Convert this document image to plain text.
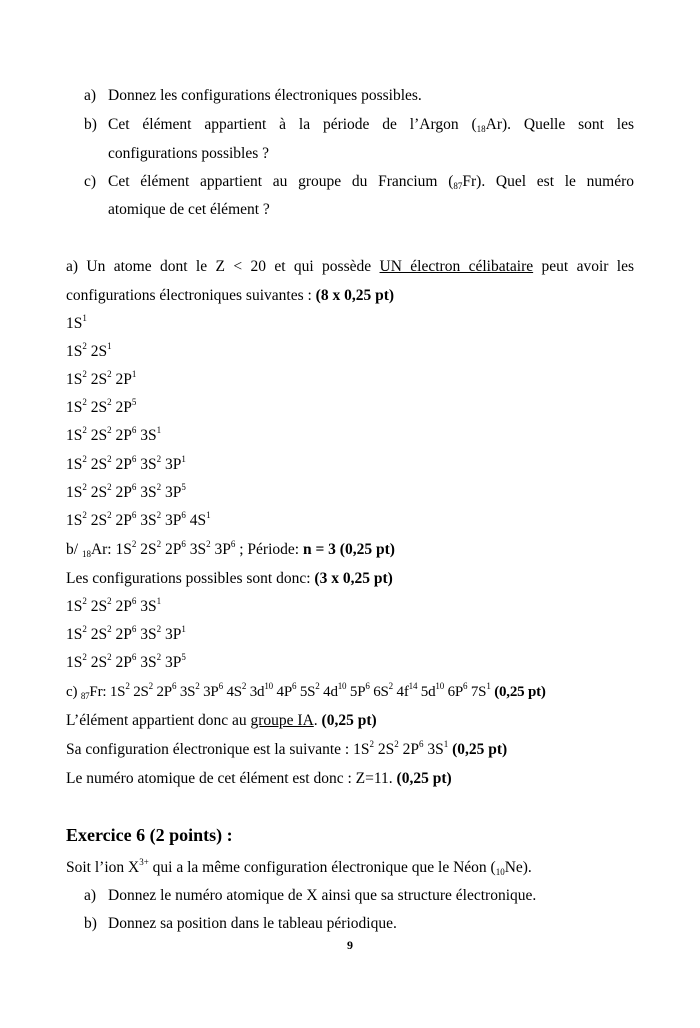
a) Donnez les configurations électroniques possibles.
b) Cet élément appartient à la période de l’Argon $(_{18}Ar)$. Quelle sont les
configurations possibles ?
c) Cet élément appartient au groupe du Francium $(_{87}Fr)$. Quel est le numéro
atomique de cet élément ?
a) Un atome dont le Z < 20 et qui possède UN électron célibataire peut avoir les
configurations électroniques suivantes : (8 x 0,25 pt)
$1S^1$
$1S^2$ $2S^1$
$1S^2$ $2S^2$ $2P^1$
$1S^2$ $2S^2$ $2P^5$
$1S^2$ $2S^2$ $2P^6$ $3S^1$
$1S^2$ $2S^2$ $2P^6$ $3S^2$ $3P^1$
$1S^2$ $2S^2$ $2P^6$ $3S^2$ $3P^5$
$1S^2$ $2S^2$ $2P^6$ $3S^2$ $3P^6$ $4S^1$
b/ $_{18}$Ar: $1S^2$ $2S^2$ $2P^6$ $3S^2$ $3P^6$ ; Période: n = 3 (0,25 pt)
Les configurations possibles sont donc: (3 x 0,25 pt)
$1S^2$ $2S^2$ $2P^6$ $3S^1$
$1S^2$ $2S^2$ $2P^6$ $3S^2$ $3P^1$
$1S^2$ $2S^2$ $2P^6$ $3S^2$ $3P^5$
c) $_{87}$Fr: $1S^2$ $2S^2$ $2P^6$ $3S^2$ $3P^6$ $4S^2$ $3d^{10}$ $4P^6$ $5S^2$ $4d^{10}$ $5P^6$ $6S^2$ $4f^{14}$ $5d^{10}$ $6P^6$ $7S^1$ (0,25 pt)
L’élément appartient donc au groupe IA. (0,25 pt)
Sa configuration électronique est la suivante : $1S^2$ $2S^2$ $2P^6$ $3S^1$ (0,25 pt)
Le numéro atomique de cet élément est donc : Z=11. (0,25 pt)
Exercice 6 (2 points) :
Soit l’ion $X^{3+}$ qui a la même configuration électronique que le Néon $(_{10}Ne)$.
a) Donnez le numéro atomique de X ainsi que sa structure électronique.
b) Donnez sa position dans le tableau périodique.
9
